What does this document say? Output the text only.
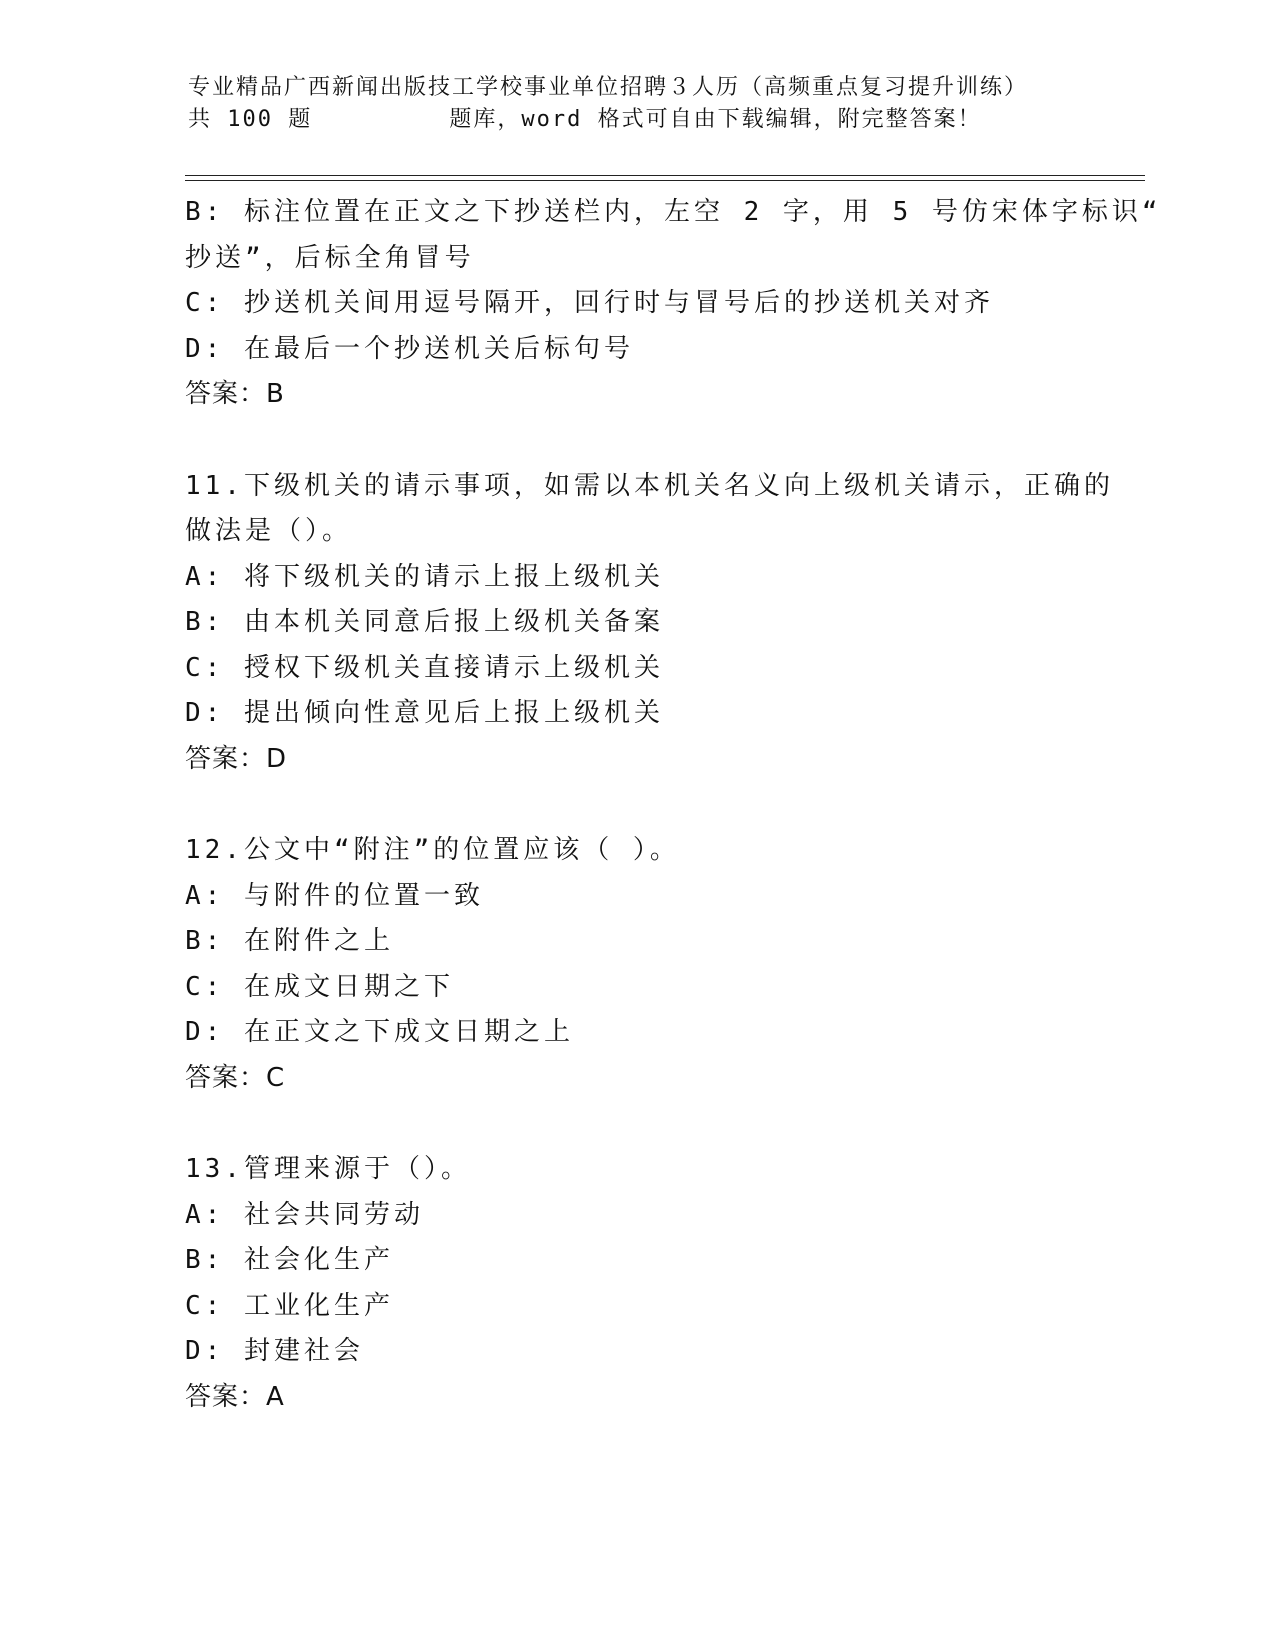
专业精品广西新闻出版技工学校事业单位招聘３人历（高频重点复习提升训练）
共 100 题         题库，word 格式可自由下载编辑，附完整答案！
B: 标注位置在正文之下抄送栏内，左空 2 字，用 5 号仿宋体字标识“
抄送”，后标全角冒号
C: 抄送机关间用逗号隔开，回行时与冒号后的抄送机关对齐
D: 在最后一个抄送机关后标句号
答案：B
11.下级机关的请示事项，如需以本机关名义向上级机关请示，正确的
做法是（）。
A: 将下级机关的请示上报上级机关
B: 由本机关同意后报上级机关备案
C: 授权下级机关直接请示上级机关
D: 提出倾向性意见后上报上级机关
答案：D
12.公文中“附注”的位置应该（ ）。
A: 与附件的位置一致
B: 在附件之上
C: 在成文日期之下
D: 在正文之下成文日期之上
答案：C
13.管理来源于（）。
A: 社会共同劳动
B: 社会化生产
C: 工业化生产
D: 封建社会
答案：A
